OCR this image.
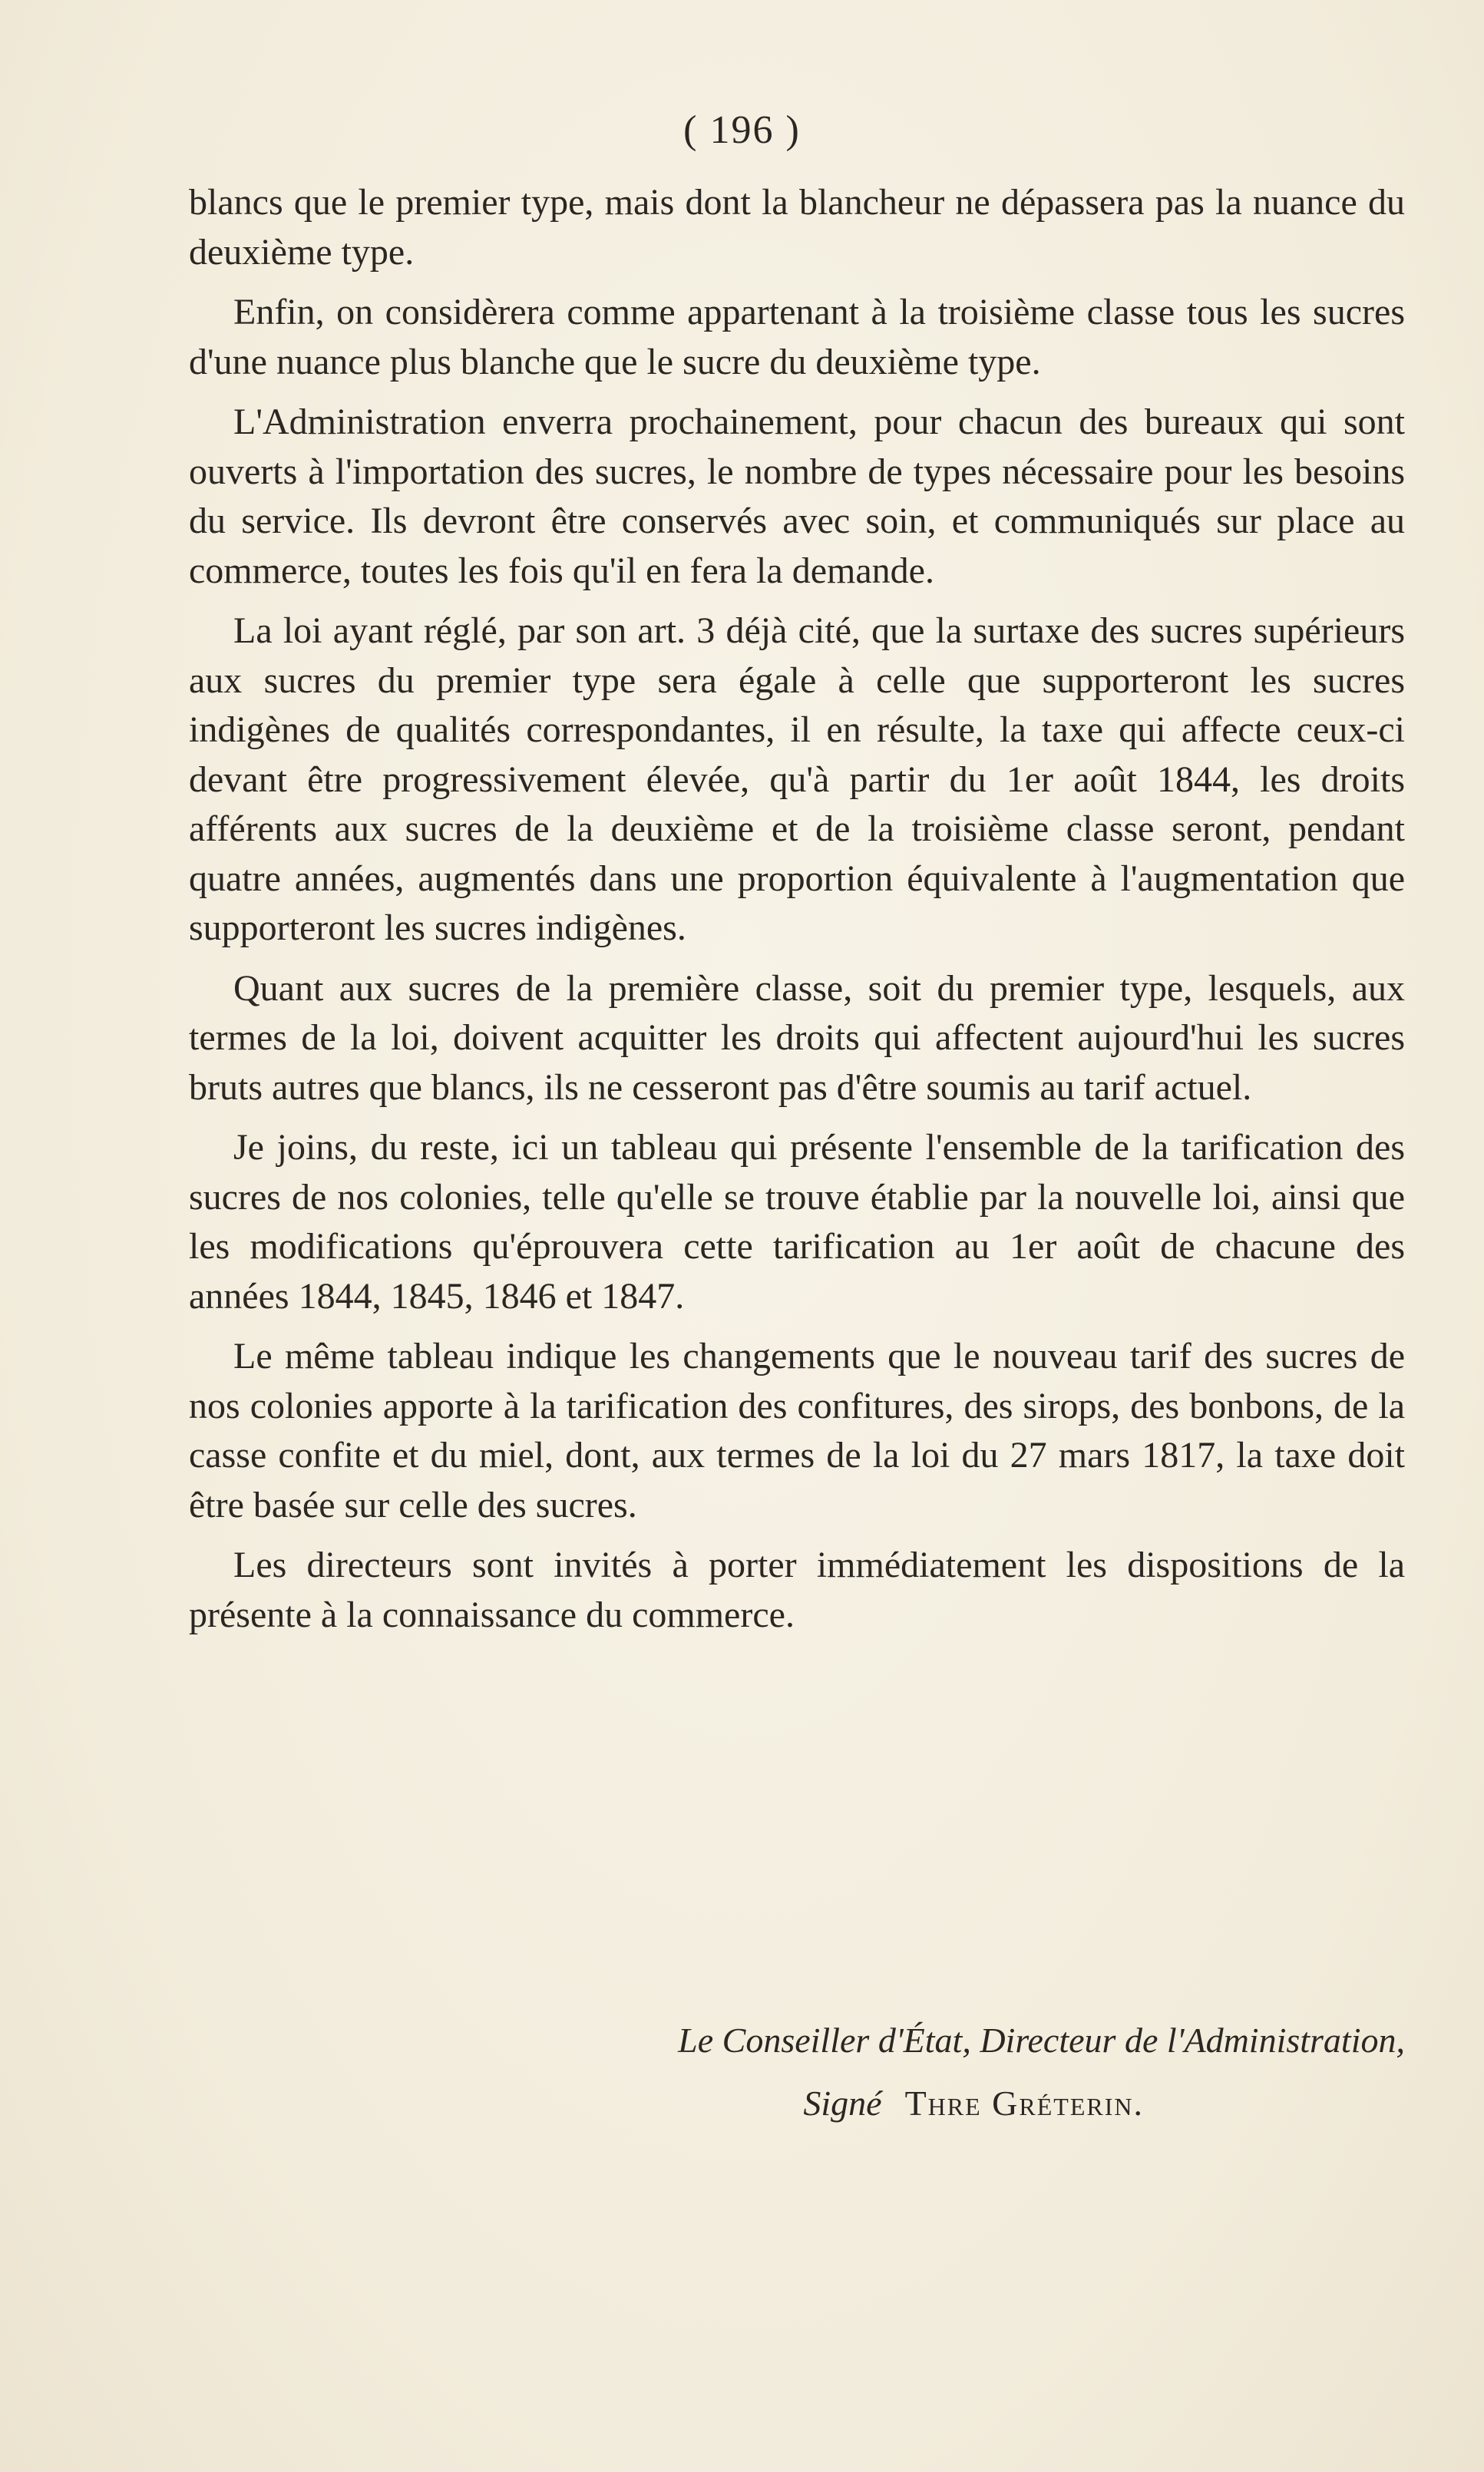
( 196 )

blancs que le premier type, mais dont la blancheur ne dépassera pas la nuance du deuxième type.

Enfin, on considèrera comme appartenant à la troisième classe tous les sucres d'une nuance plus blanche que le sucre du deuxième type.

L'Administration enverra prochainement, pour chacun des bureaux qui sont ouverts à l'importation des sucres, le nombre de types nécessaire pour les besoins du service. Ils devront être conservés avec soin, et communiqués sur place au commerce, toutes les fois qu'il en fera la demande.

La loi ayant réglé, par son art. 3 déjà cité, que la surtaxe des sucres supérieurs aux sucres du premier type sera égale à celle que supporteront les sucres indigènes de qualités correspondantes, il en résulte, la taxe qui affecte ceux-ci devant être progressivement élevée, qu'à partir du 1er août 1844, les droits afférents aux sucres de la deuxième et de la troisième classe seront, pendant quatre années, augmentés dans une proportion équivalente à l'augmentation que supporteront les sucres indigènes.

Quant aux sucres de la première classe, soit du premier type, lesquels, aux termes de la loi, doivent acquitter les droits qui affectent aujourd'hui les sucres bruts autres que blancs, ils ne cesseront pas d'être soumis au tarif actuel.

Je joins, du reste, ici un tableau qui présente l'ensemble de la tarification des sucres de nos colonies, telle qu'elle se trouve établie par la nouvelle loi, ainsi que les modifications qu'éprouvera cette tarification au 1er août de chacune des années 1844, 1845, 1846 et 1847.

Le même tableau indique les changements que le nouveau tarif des sucres de nos colonies apporte à la tarification des confitures, des sirops, des bonbons, de la casse confite et du miel, dont, aux termes de la loi du 27 mars 1817, la taxe doit être basée sur celle des sucres.

Les directeurs sont invités à porter immédiatement les dispositions de la présente à la connaissance du commerce.

Le Conseiller d'État, Directeur de l'Administration,
Signé Thre Gréterin.
